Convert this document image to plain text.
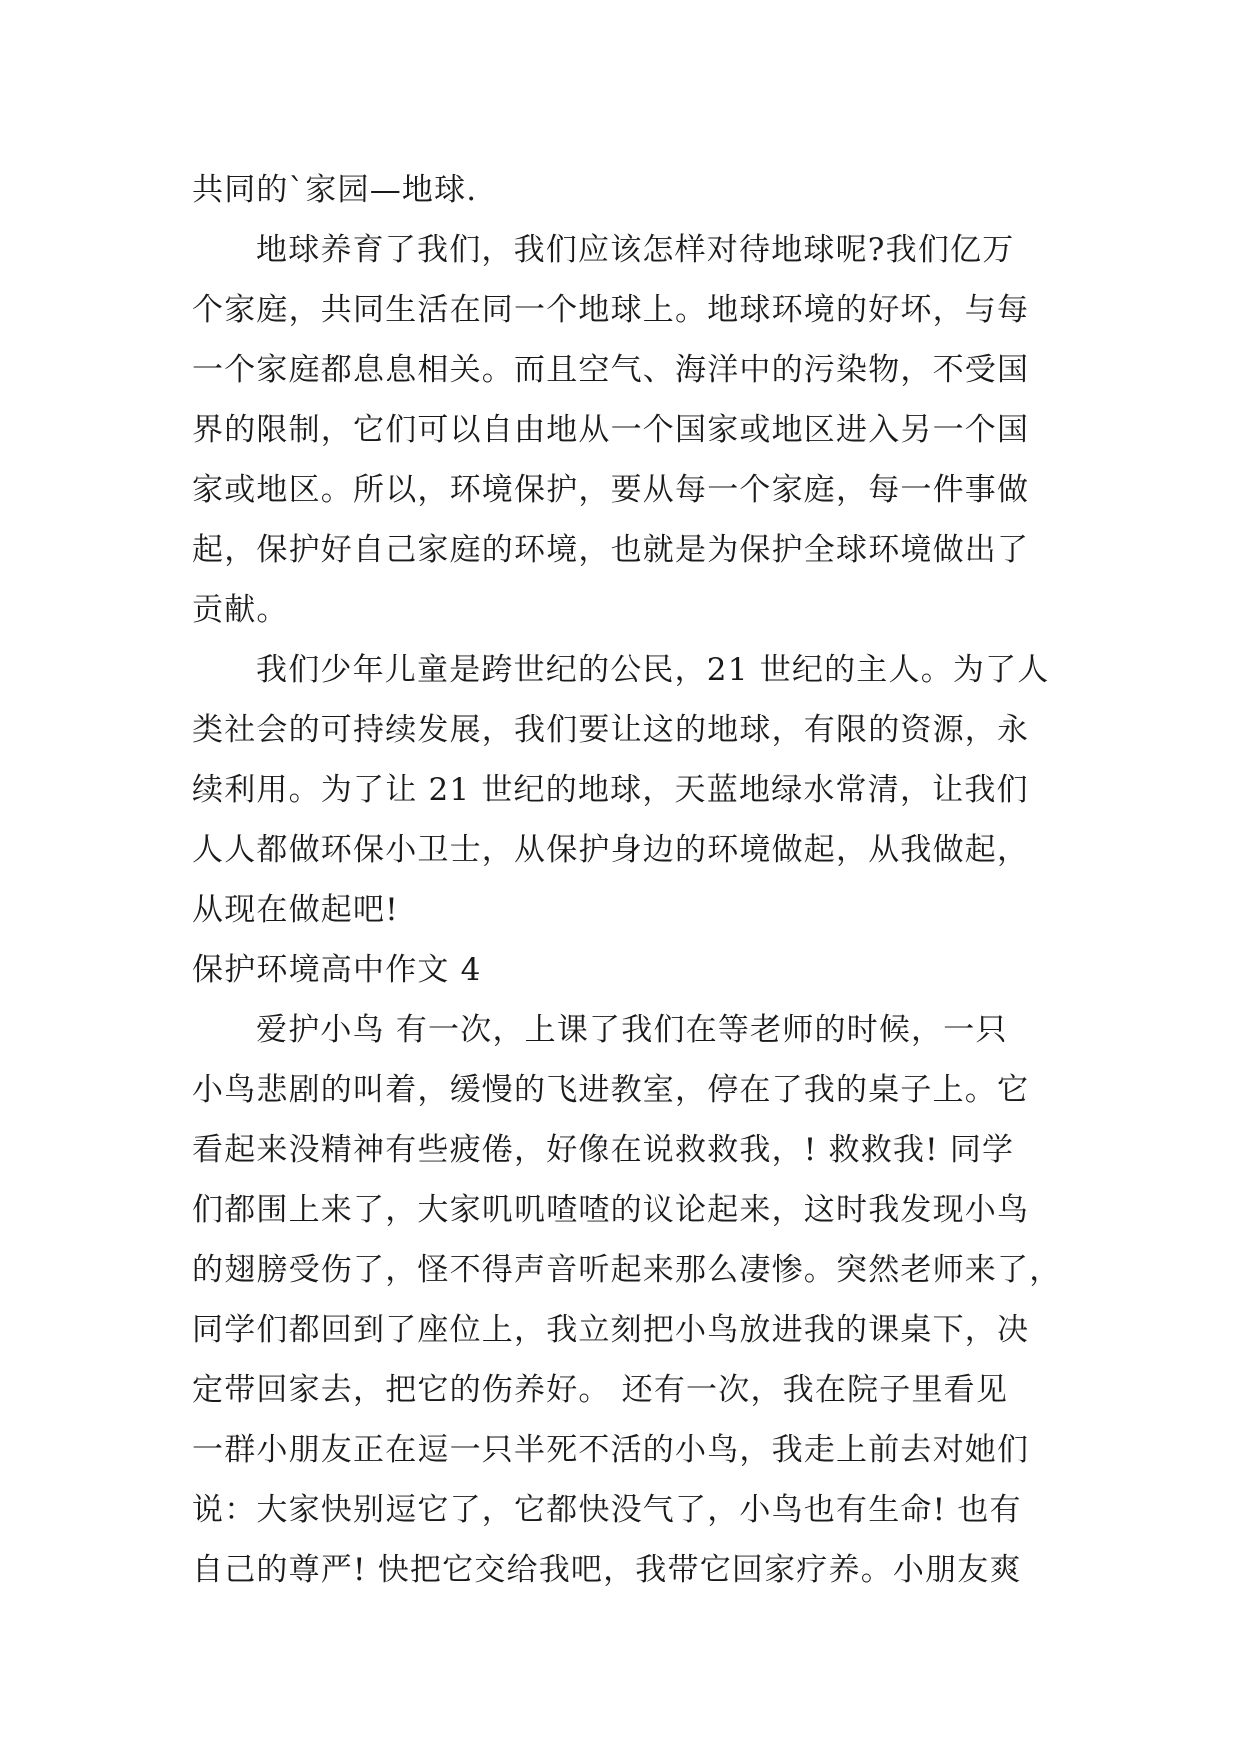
共同的`家园—地球.
地球养育了我们，我们应该怎样对待地球呢?我们亿万
个家庭，共同生活在同一个地球上。地球环境的好坏，与每
一个家庭都息息相关。而且空气、海洋中的污染物，不受国
界的限制，它们可以自由地从一个国家或地区进入另一个国
家或地区。所以，环境保护，要从每一个家庭，每一件事做
起，保护好自己家庭的环境，也就是为保护全球环境做出了
贡献。
我们少年儿童是跨世纪的公民，21 世纪的主人。为了人
类社会的可持续发展，我们要让这的地球，有限的资源，永
续利用。为了让 21 世纪的地球，天蓝地绿水常清，让我们
人人都做环保小卫士，从保护身边的环境做起，从我做起，
从现在做起吧!
保护环境高中作文 4
爱护小鸟 有一次，上课了我们在等老师的时候，一只
小鸟悲剧的叫着，缓慢的飞进教室，停在了我的桌子上。它
看起来没精神有些疲倦，好像在说救救我，! 救救我! 同学
们都围上来了，大家叽叽喳喳的议论起来，这时我发现小鸟
的翅膀受伤了，怪不得声音听起来那么凄惨。突然老师来了，
同学们都回到了座位上，我立刻把小鸟放进我的课桌下，决
定带回家去，把它的伤养好。 还有一次，我在院子里看见
一群小朋友正在逗一只半死不活的小鸟，我走上前去对她们
说：大家快别逗它了，它都快没气了，小鸟也有生命! 也有
自己的尊严! 快把它交给我吧，我带它回家疗养。小朋友爽
